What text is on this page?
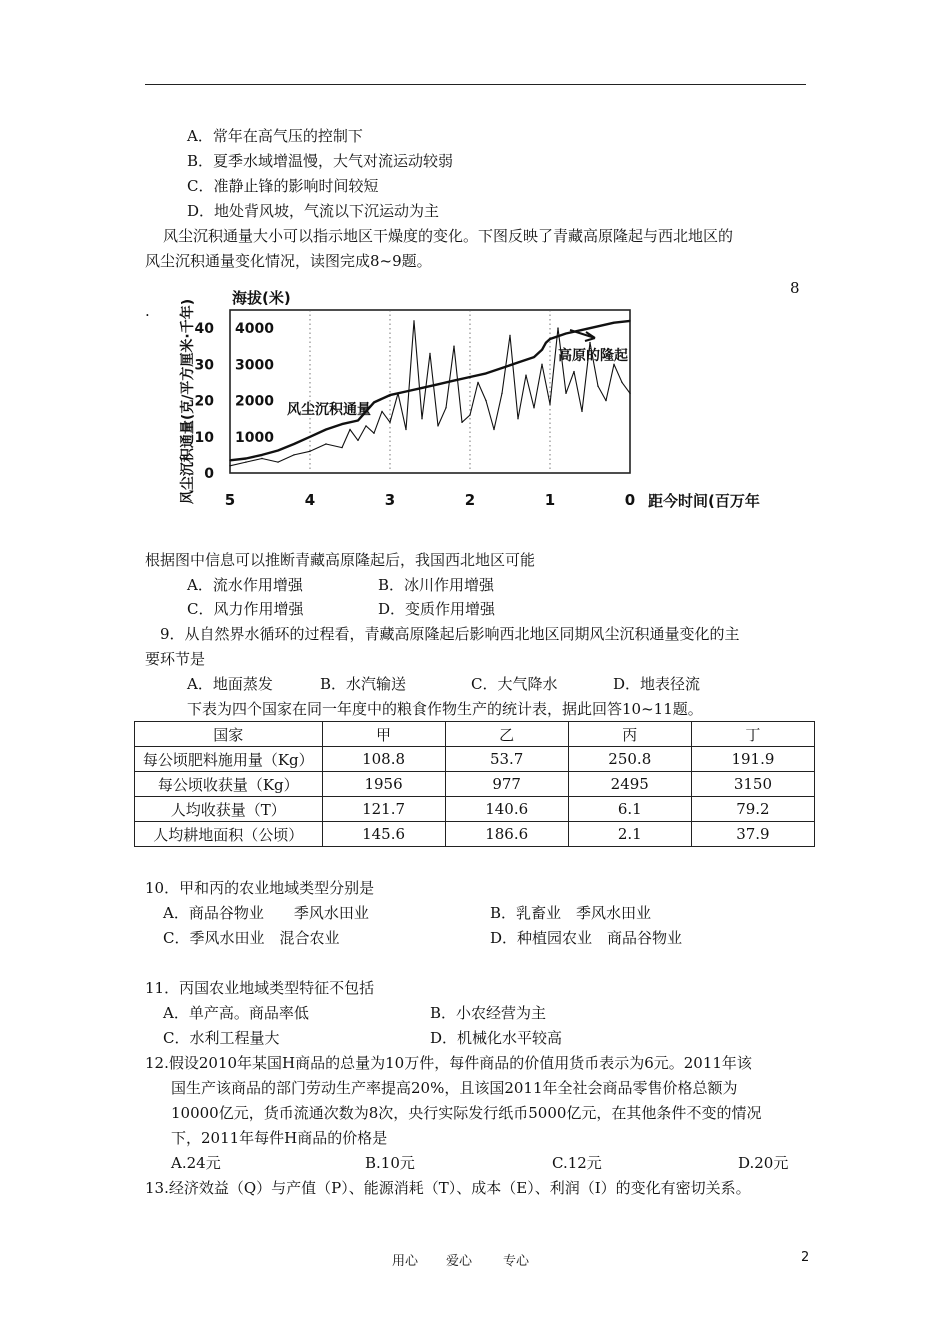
A．常年在高气压的控制下
B．夏季水域增温慢，大气对流运动较弱
C．准静止锋的影响时间较短
D．地处背风坡，气流以下沉运动为主
风尘沉积通量大小可以指示地区干燥度的变化。下图反映了青藏高原隆起与西北地区的
风尘沉积通量变化情况，读图完成8~9题。
8
.
5	4	3	2	1	0
0
10
20
30
40
1000
2000
3000
4000
海拔(米)
风尘沉积通量(克/平方厘米·千年)	距今时间(百万年
风尘沉积通量
高原的隆起
根据图中信息可以推断青藏高原隆起后，我国西北地区可能
A．流水作用增强	B．冰川作用增强
C．风力作用增强	D．变质作用增强
9．从自然界水循环的过程看，青藏高原隆起后影响西北地区同期风尘沉积通量变化的主
要环节是
A．地面蒸发	B．水汽输送	C．大气降水	D．地表径流
下表为四个国家在同一年度中的粮食作物生产的统计表，据此回答10~11题。
国家	甲	乙	丙	丁
每公顷肥料施用量（Kg）	108.8	53.7	250.8	191.9
每公顷收获量（Kg）	1956	977	2495	3150
人均收获量（T）	121.7	140.6	6.1	79.2
人均耕地面积（公顷）	145.6	186.6	2.1	37.9
10．甲和丙的农业地域类型分别是
A．商品谷物业　　季风水田业	B．乳畜业　季风水田业
C．季风水田业　混合农业	D．种植园农业　商品谷物业
11．丙国农业地域类型特征不包括
A．单产高。商品率低	B．小农经营为主
C．水利工程量大	D．机械化水平较高
12.假设2010年某国H商品的总量为10万件，每件商品的价值用货币表示为6元。2011年该
国生产该商品的部门劳动生产率提高20%，且该国2011年全社会商品零售价格总额为
10000亿元，货币流通次数为8次，央行实际发行纸币5000亿元，在其他条件不变的情况
下，2011年每件H商品的价格是
A.24元	B.10元	C.12元	D.20元
13.经济效益（Q）与产值（P）、能源消耗（T）、成本（E）、利润（I）的变化有密切关系。
用心 爱心 专心	2
